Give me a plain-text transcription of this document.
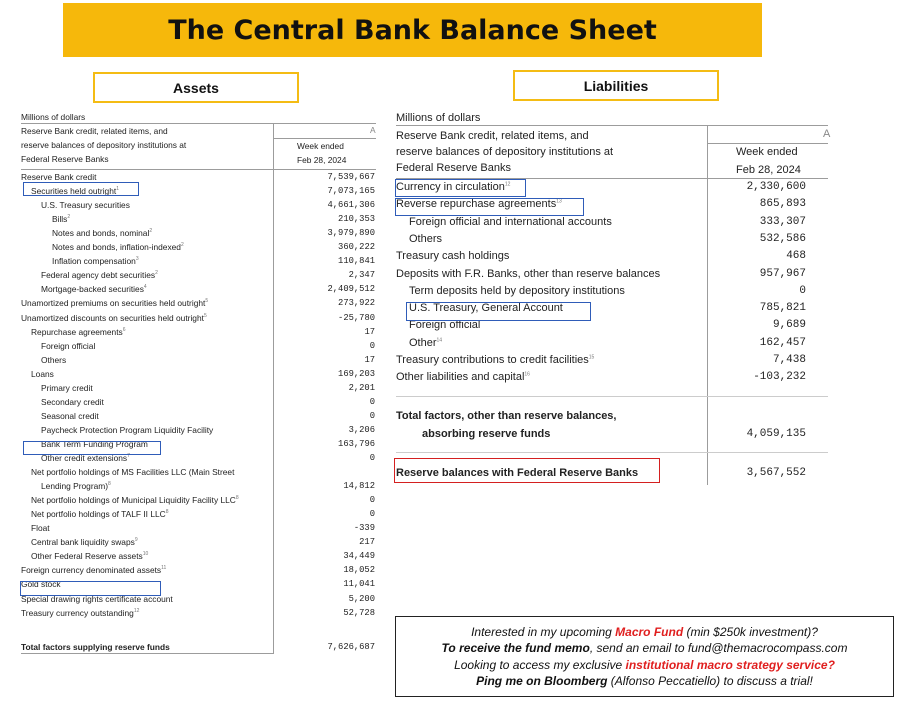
The Central Bank Balance Sheet
Assets	Liabilities
Millions of dollars
Reserve Bank credit, related items, and
reserve balances of depository institutions at
Federal Reserve Banks
A
Week ended
Feb 28, 2024
Reserve Bank credit	7,539,667
Securities held outright$^1$	7,073,165
U.S. Treasury securities	4,661,306
Bills$^2$	210,353
Notes and bonds, nominal$^2$	3,979,890
Notes and bonds, inflation-indexed$^2$	360,222
Inflation compensation$^3$	110,841
Federal agency debt securities$^2$	2,347
Mortgage-backed securities$^4$	2,409,512
Unamortized premiums on securities held outright$^5$	273,922
Unamortized discounts on securities held outright$^5$	-25,780
Repurchase agreements$^6$	17
Foreign official	0
Others	17
Loans	169,203
Primary credit	2,201
Secondary credit	0
Seasonal credit	0
Paycheck Protection Program Liquidity Facility	3,206
Bank Term Funding Program	163,796
Other credit extensions$^7$	0
Net portfolio holdings of MS Facilities LLC (Main Street
Lending Program)$^8$	14,812
Net portfolio holdings of Municipal Liquidity Facility LLC$^8$	0
Net portfolio holdings of TALF II LLC$^8$	0
Float	-339
Central bank liquidity swaps$^9$	217
Other Federal Reserve assets$^{10}$	34,449
Foreign currency denominated assets$^{11}$	18,052
Gold stock	11,041
Special drawing rights certificate account	5,200
Treasury currency outstanding$^{12}$	52,728
Total factors supplying reserve funds	7,626,687
Millions of dollars
Reserve Bank credit, related items, and
reserve balances of depository institutions at
Federal Reserve Banks
A
Week ended
Feb 28, 2024
Currency in circulation$^{12}$	2,330,600
Reverse repurchase agreements$^{13}$	865,893
Foreign official and international accounts	333,307
Others	532,586
Treasury cash holdings	468
Deposits with F.R. Banks, other than reserve balances	957,967
Term deposits held by depository institutions	0
U.S. Treasury, General Account	785,821
Foreign official	9,689
Other$^{14}$	162,457
Treasury contributions to credit facilities$^{15}$	7,438
Other liabilities and capital$^{16}$	-103,232
Total factors, other than reserve balances,
absorbing reserve funds	4,059,135
Reserve balances with Federal Reserve Banks	3,567,552
Interested in my upcoming Macro Fund (min $250k investment)?
To receive the fund memo, send an email to fund@themacrocompass.com
Looking to access my exclusive institutional macro strategy service?
Ping me on Bloomberg (Alfonso Peccatiello) to discuss a trial!
